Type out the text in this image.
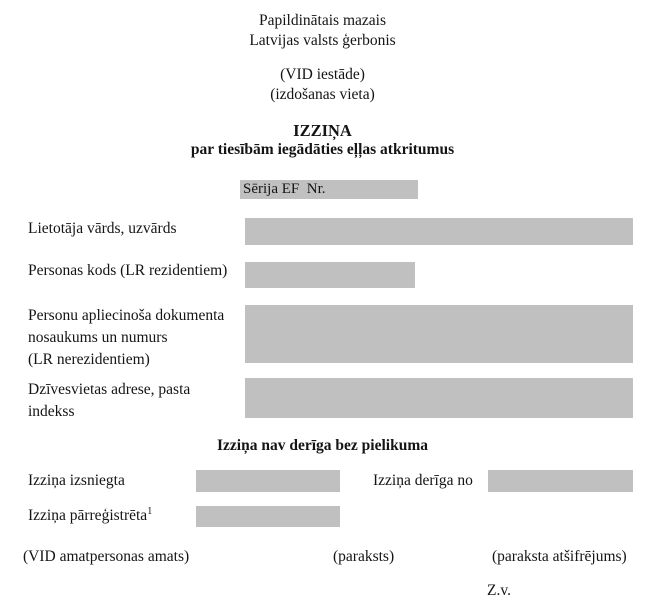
Papildinātais mazais
Latvijas valsts ģerbonis
(VID iestāde)
(izdošanas vieta)
IZZIŅA
par tiesībām iegādāties eļļas atkritumus
Sērija EF  Nr.
Lietotāja vārds, uzvārds
Personas kods (LR rezidentiem)
Personu apliecinoša dokumenta
nosaukums un numurs
(LR nerezidentiem)
Dzīvesvietas adrese, pasta
indekss
Izziņa nav derīga bez pielikuma
Izziņa izsniegta	Izziņa derīga no
Izziņa pārreģistrēta$^1$
(VID amatpersonas amats)	(paraksts)	(paraksta atšifrējums)
Z.v.
